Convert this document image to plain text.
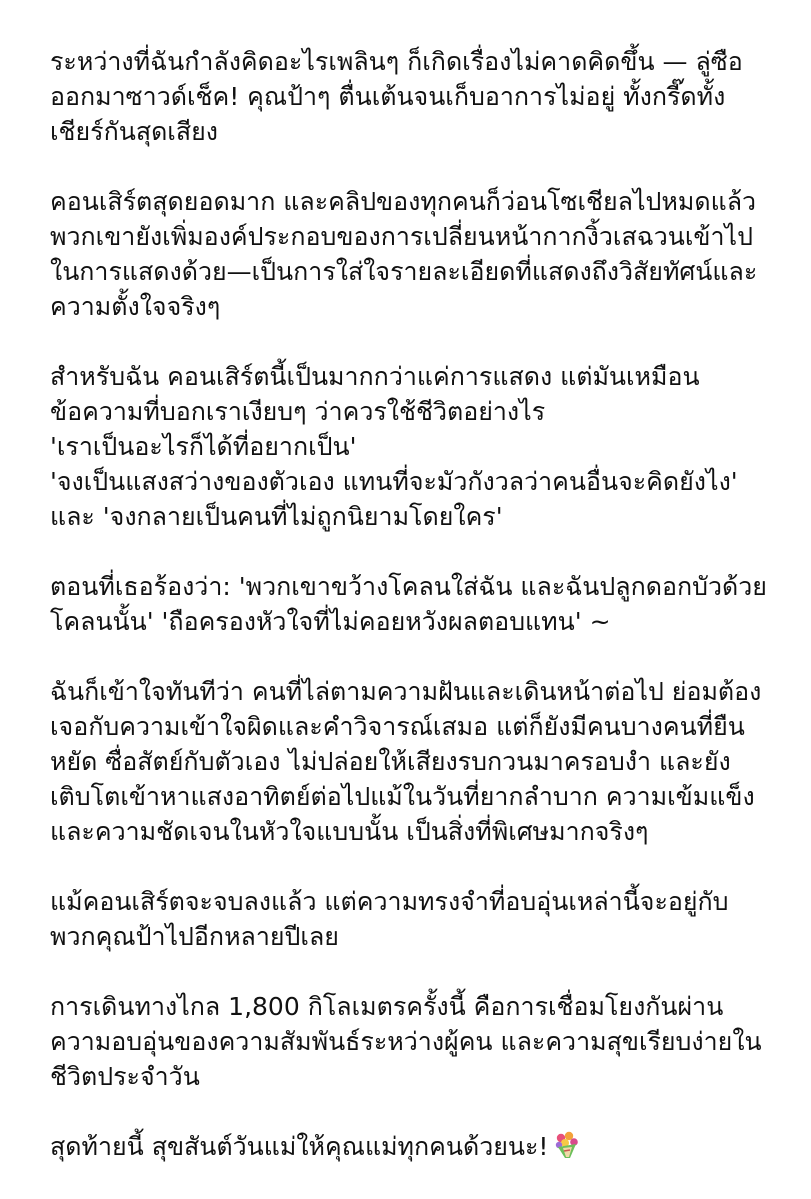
ระหว่างที่ฉันกำลังคิดอะไรเพลินๆ ก็เกิดเรื่องไม่คาดคิดขึ้น — ลู่ซือ
ออกมาซาวด์เช็ค! คุณป้าๆ ตื่นเต้นจนเก็บอาการไม่อยู่ ทั้งกรี๊ดทั้ง
เชียร์กันสุดเสียง

คอนเสิร์ตสุดยอดมาก และคลิปของทุกคนก็ว่อนโซเชียลไปหมดแล้ว
พวกเขายังเพิ่มองค์ประกอบของการเปลี่ยนหน้ากากงิ้วเสฉวนเข้าไป
ในการแสดงด้วย—เป็นการใส่ใจรายละเอียดที่แสดงถึงวิสัยทัศน์และ
ความตั้งใจจริงๆ

สำหรับฉัน คอนเสิร์ตนี้เป็นมากกว่าแค่การแสดง แต่มันเหมือน
ข้อความที่บอกเราเงียบๆ ว่าควรใช้ชีวิตอย่างไร
'เราเป็นอะไรก็ได้ที่อยากเป็น'
'จงเป็นแสงสว่างของตัวเอง แทนที่จะมัวกังวลว่าคนอื่นจะคิดยังไง'
และ 'จงกลายเป็นคนที่ไม่ถูกนิยามโดยใคร'

ตอนที่เธอร้องว่า: 'พวกเขาขว้างโคลนใส่ฉัน และฉันปลูกดอกบัวด้วย
โคลนนั้น' 'ถือครองหัวใจที่ไม่คอยหวังผลตอบแทน' ~

ฉันก็เข้าใจทันทีว่า คนที่ไล่ตามความฝันและเดินหน้าต่อไป ย่อมต้อง
เจอกับความเข้าใจผิดและคำวิจารณ์เสมอ แต่ก็ยังมีคนบางคนที่ยืน
หยัด ซื่อสัตย์กับตัวเอง ไม่ปล่อยให้เสียงรบกวนมาครอบงำ และยัง
เติบโตเข้าหาแสงอาทิตย์ต่อไปแม้ในวันที่ยากลำบาก ความเข้มแข็ง
และความชัดเจนในหัวใจแบบนั้น เป็นสิ่งที่พิเศษมากจริงๆ

แม้คอนเสิร์ตจะจบลงแล้ว แต่ความทรงจำที่อบอุ่นเหล่านี้จะอยู่กับ
พวกคุณป้าไปอีกหลายปีเลย

การเดินทางไกล 1,800 กิโลเมตรครั้งนี้ คือการเชื่อมโยงกันผ่าน
ความอบอุ่นของความสัมพันธ์ระหว่างผู้คน และความสุขเรียบง่ายใน
ชีวิตประจำวัน

สุดท้ายนี้ สุขสันต์วันแม่ให้คุณแม่ทุกคนด้วยนะ!
